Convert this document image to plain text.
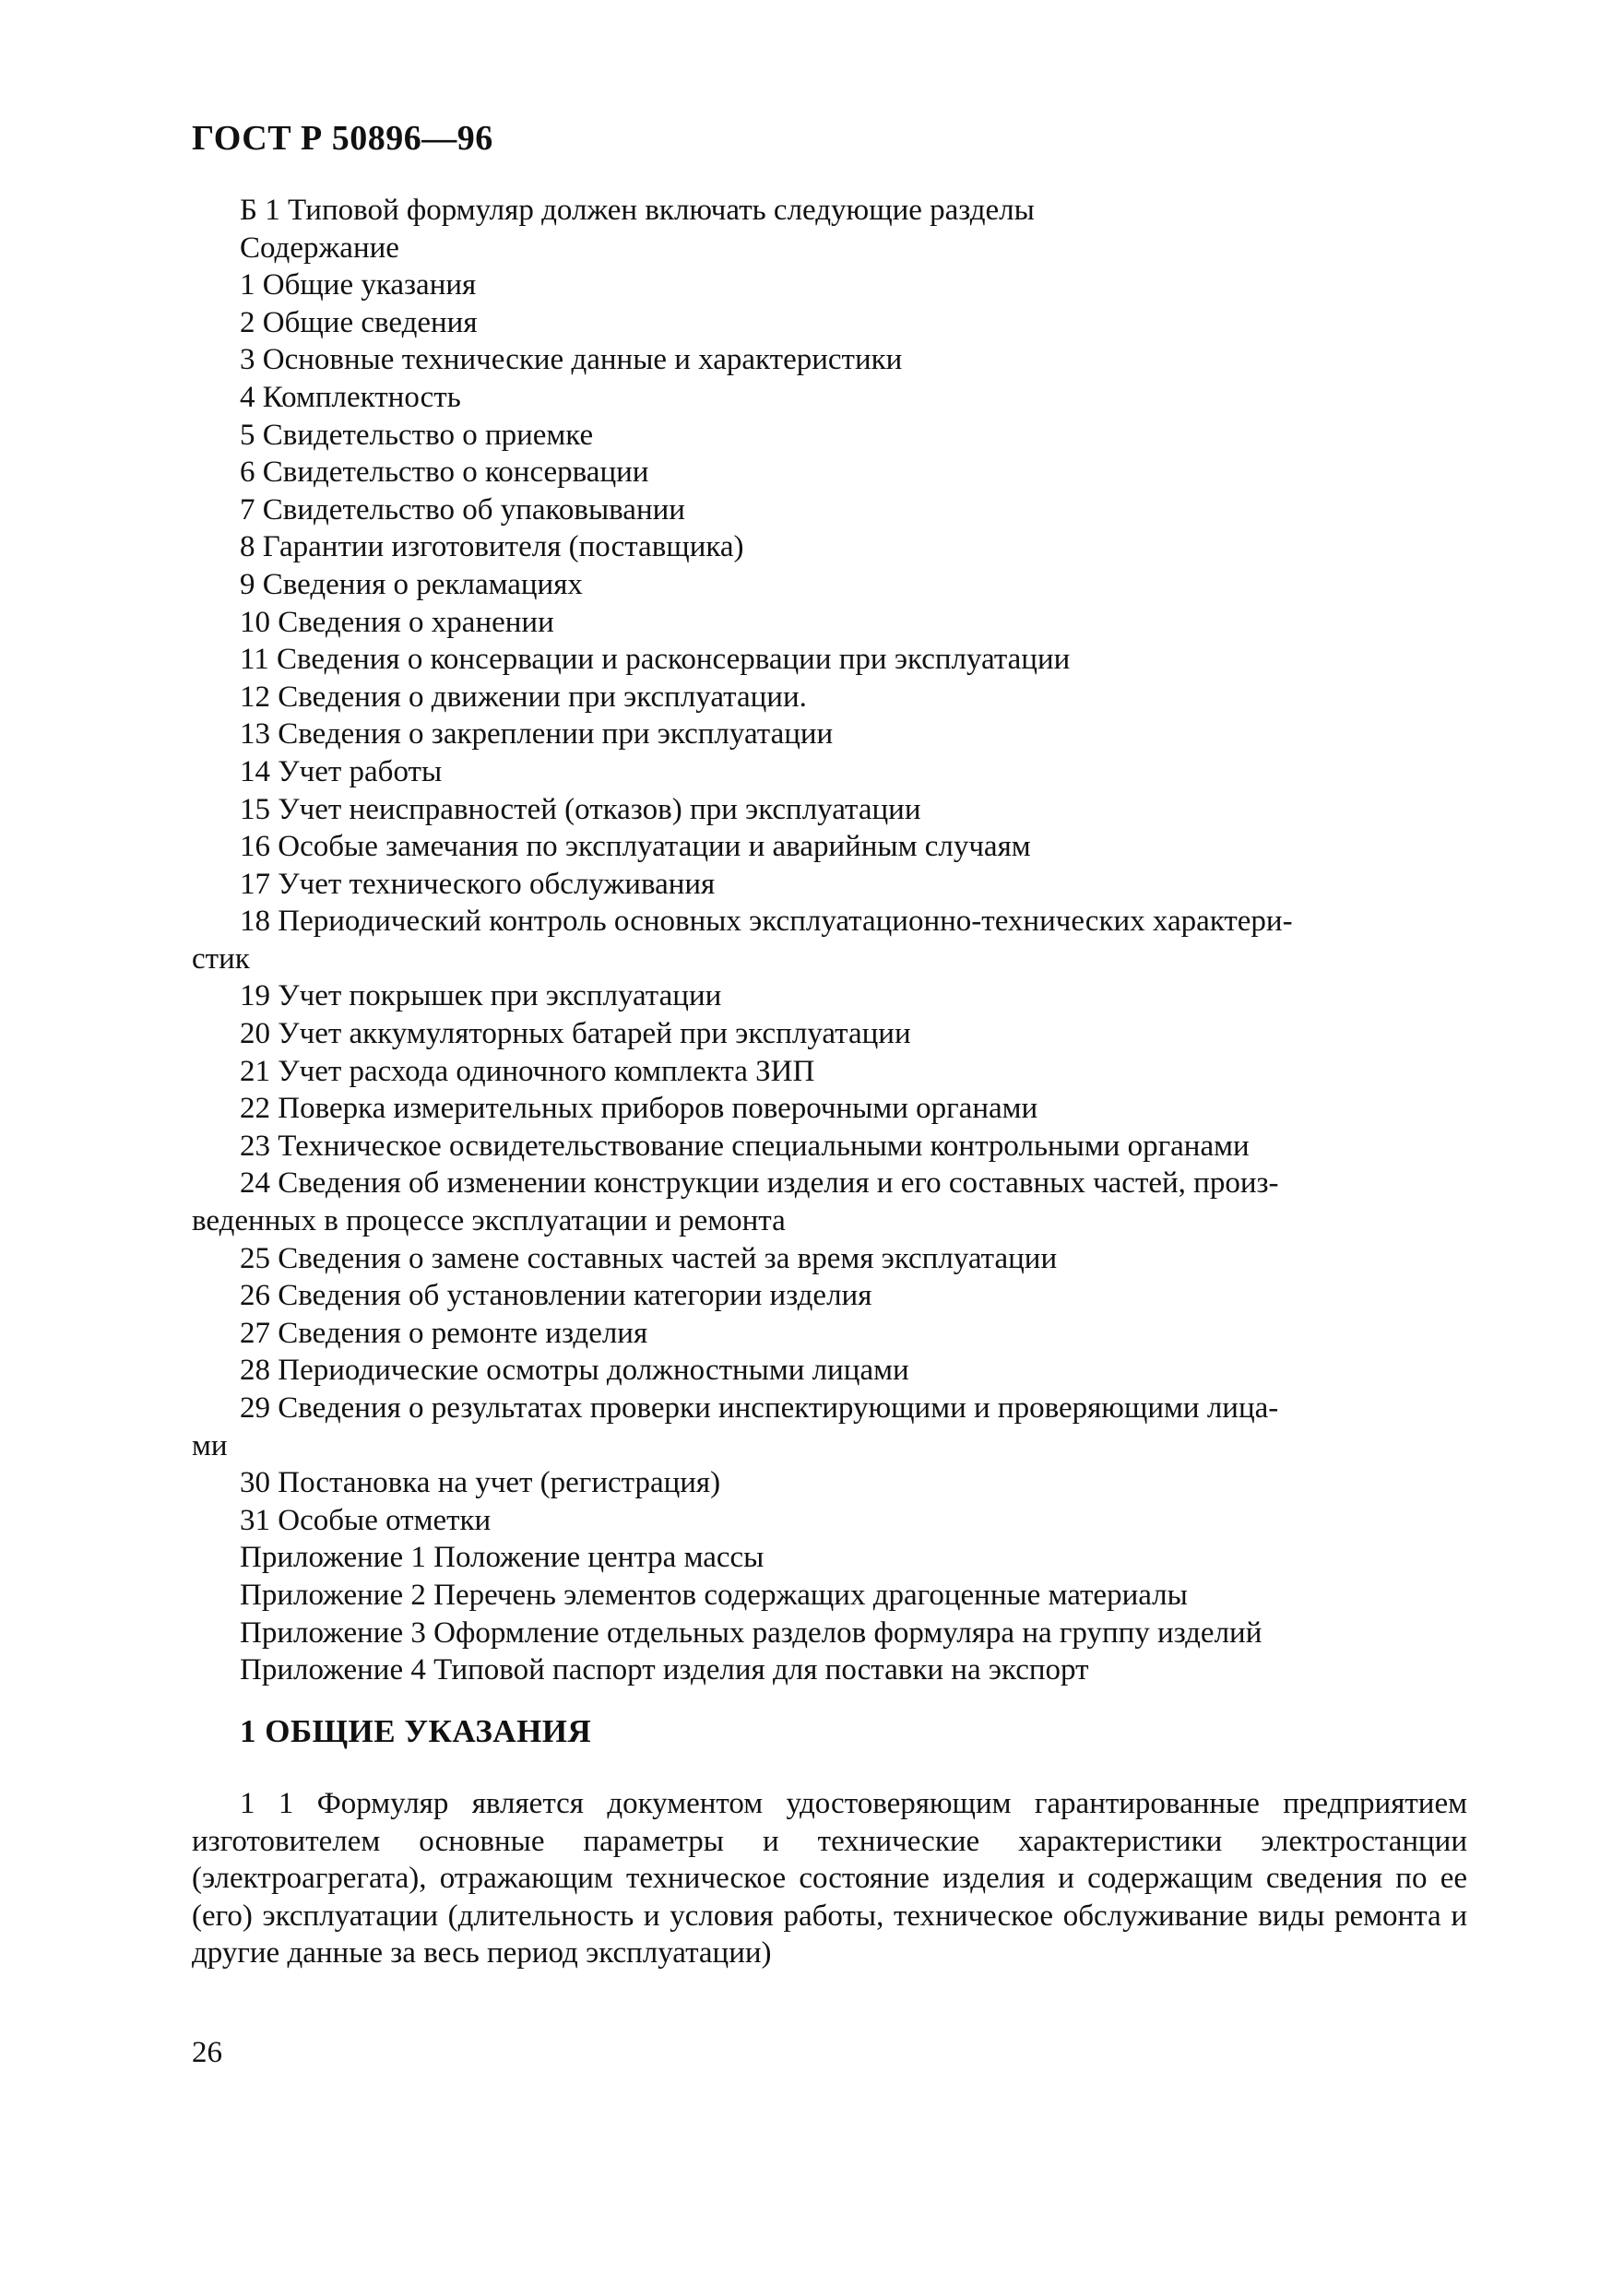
ГОСТ Р 50896—96
Б 1 Типовой формуляр должен включать следующие разделы
Содержание
1 Общие указания
2 Общие сведения
3 Основные технические данные и характеристики
4 Комплектность
5 Свидетельство о приемке
6 Свидетельство о консервации
7 Свидетельство об упаковывании
8 Гарантии изготовителя (поставщика)
9 Сведения о рекламациях
10 Сведения о хранении
11 Сведения о консервации и расконсервации при эксплуатации
12 Сведения о движении при эксплуатации.
13 Сведения о закреплении при эксплуатации
14 Учет работы
15 Учет неисправностей (отказов) при эксплуатации
16 Особые замечания по эксплуатации и аварийным случаям
17 Учет технического обслуживания
18 Периодический контроль основных эксплуатационно-технических характери-
стик
19 Учет покрышек при эксплуатации
20 Учет аккумуляторных батарей при эксплуатации
21 Учет расхода одиночного комплекта ЗИП
22 Поверка измерительных приборов поверочными органами
23 Техническое освидетельствование специальными контрольными органами
24 Сведения об изменении конструкции изделия и его составных частей, произ-
веденных в процессе эксплуатации и ремонта
25 Сведения о замене составных частей за время эксплуатации
26 Сведения об установлении категории изделия
27 Сведения о ремонте изделия
28 Периодические осмотры должностными лицами
29 Сведения о результатах проверки инспектирующими и проверяющими лица-
ми
30 Постановка на учет (регистрация)
31 Особые отметки
Приложение 1 Положение центра массы
Приложение 2 Перечень элементов содержащих драгоценные материалы
Приложение 3 Оформление отдельных разделов формуляра на группу изделий
Приложение 4 Типовой паспорт изделия для поставки на экспорт
1 ОБЩИЕ УКАЗАНИЯ
1 1 Формуляр является документом удостоверяющим гарантированные предприятием изготовителем основные параметры и технические характеристики электростанции (электроагрегата), отражающим техническое состояние изделия и содержащим сведения по ее (его) эксплуатации (длительность и условия работы, техническое обслуживание виды ремонта и другие данные за весь период эксплуатации)
26
